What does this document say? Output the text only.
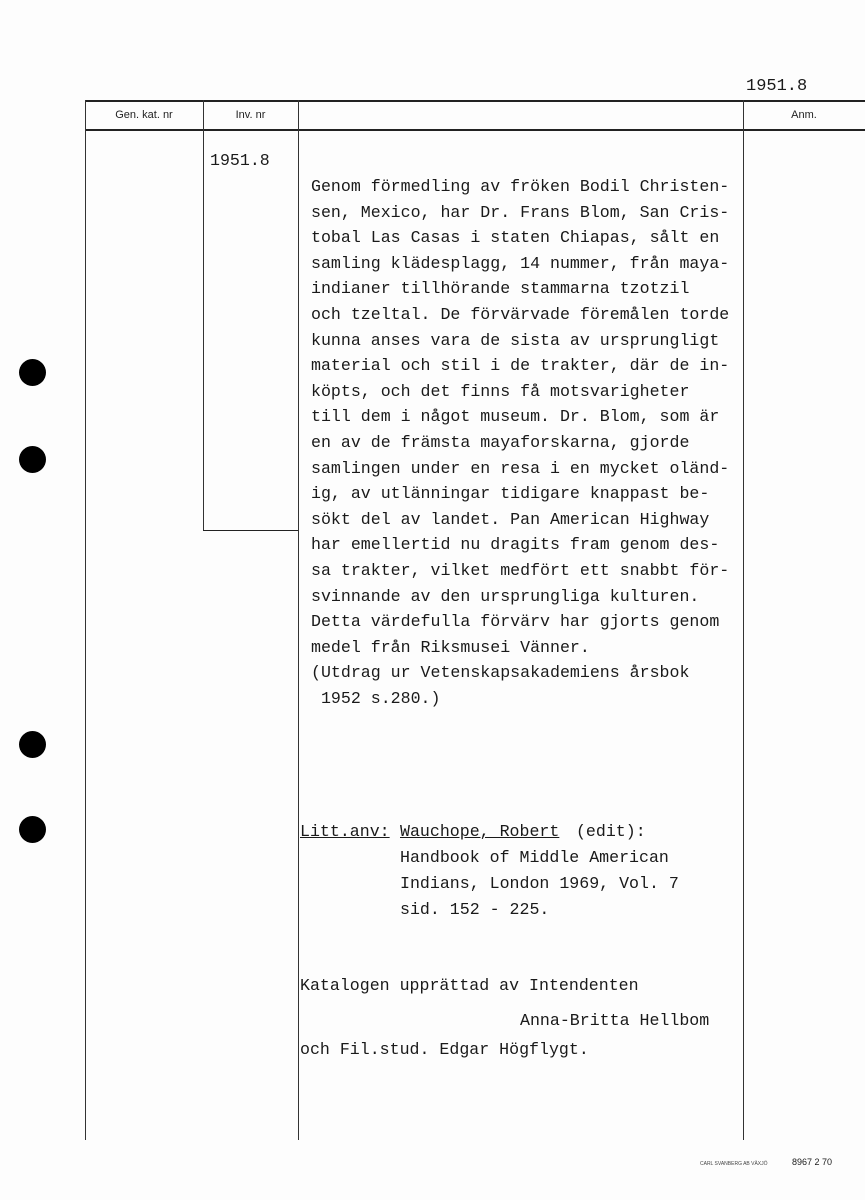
1951.8
Gen. kat. nr	Inv. nr	Anm.
1951.8
Genom förmedling av fröken Bodil Christen-
sen, Mexico, har Dr. Frans Blom, San Cris-
tobal Las Casas i staten Chiapas, sålt en
samling klädesplagg, 14 nummer, från maya-
indianer tillhörande stammarna tzotzil
och tzeltal. De förvärvade föremålen torde
kunna anses vara de sista av ursprungligt
material och stil i de trakter, där de in-
köpts, och det finns få motsvarigheter
till dem i något museum. Dr. Blom, som är
en av de främsta mayaforskarna, gjorde
samlingen under en resa i en mycket oländ-
ig, av utlänningar tidigare knappast be-
sökt del av landet. Pan American Highway
har emellertid nu dragits fram genom des-
sa trakter, vilket medfört ett snabbt för-
svinnande av den ursprungliga kulturen.
Detta värdefulla förvärv har gjorts genom
medel från Riksmusei Vänner.
(Utdrag ur Vetenskapsakademiens årsbok
1952 s.280.)
Litt.anv: Wauchope, Robert (edit):
Handbook of Middle American
Indians, London 1969, Vol. 7
sid. 152 - 225.
Katalogen upprättad av Intendenten
Anna-Britta Hellbom
och Fil.stud. Edgar Högflygt.
CARL SVANBERG AB VÄXJÖ	8967 2 70
